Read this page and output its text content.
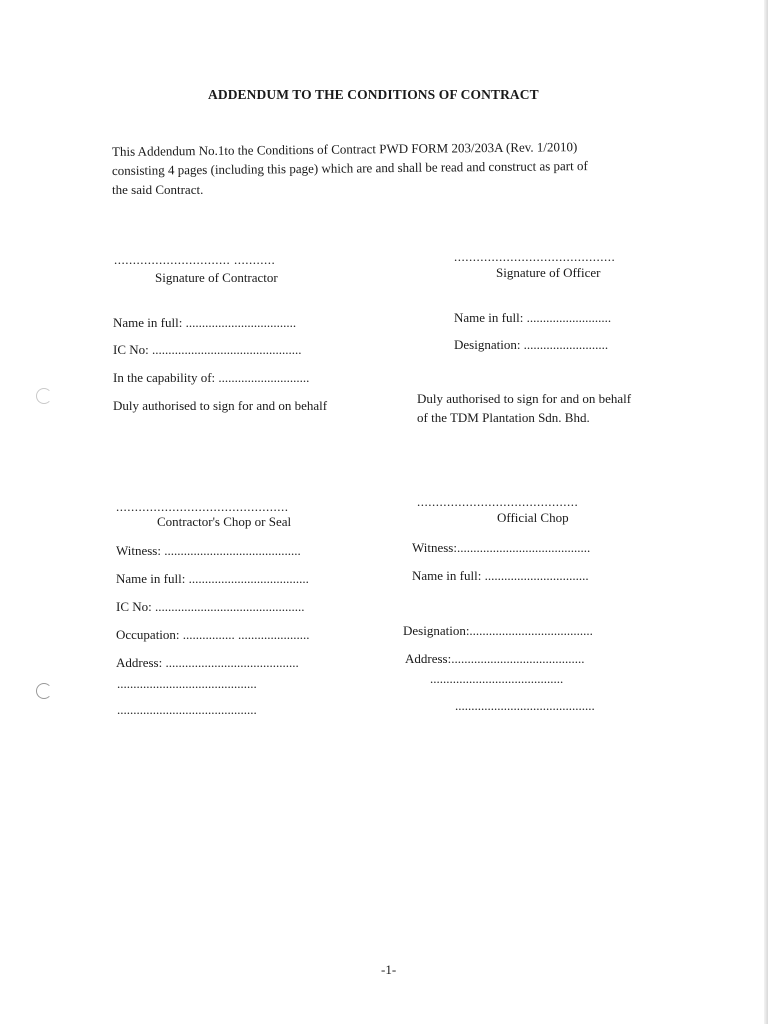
ADDENDUM TO THE CONDITIONS OF CONTRACT
This Addendum No.1to the Conditions of Contract PWD FORM 203/203A (Rev. 1/2010)
consisting 4 pages (including this page) which are and shall be read and construct as part of
the said Contract.
............................... ...........
Signature of Contractor
Name in full: ..................................
IC No: ..............................................
In the capability of: ............................
Duly authorised to sign for and on behalf
...........................................
Signature of Officer
Name in full: ..........................
Designation: ..........................
Duly authorised to sign for and on behalf
of the TDM Plantation Sdn. Bhd.
..............................................
Contractor's Chop or Seal
Witness: ..........................................
Name in full: .....................................
IC No: ..............................................
Occupation: ................ ......................
Address: .........................................
...........................................
...........................................
...........................................
Official Chop
Witness:.........................................
Name in full: ................................
Designation:......................................
Address:.........................................
.........................................
...........................................
-1-
